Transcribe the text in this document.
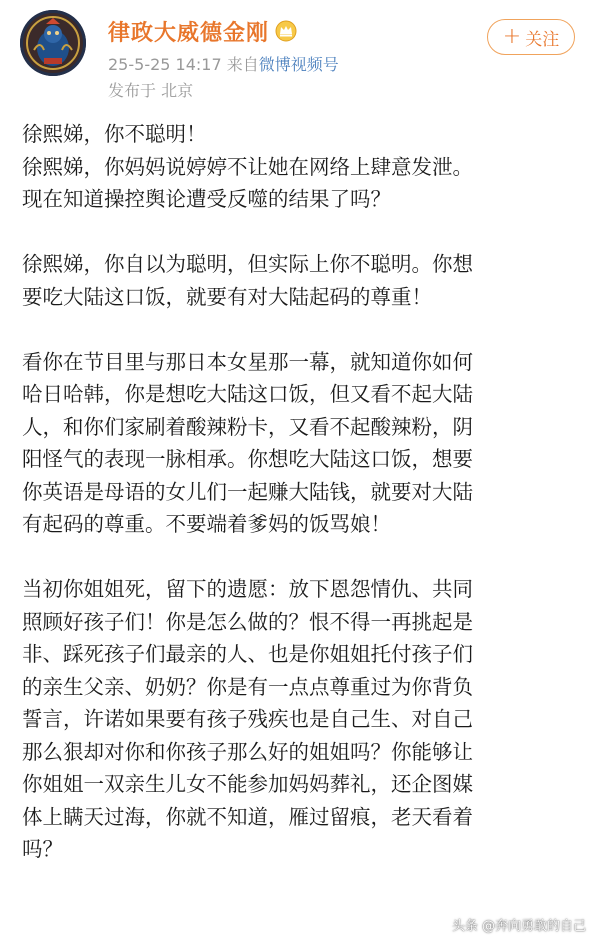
律政大威德金刚
25-5-25 14:17 来自微博视频号
发布于 北京
+ 关注

徐熙娣，你不聪明！

徐熙娣，你妈妈说婷婷不让她在网络上肆意发泄。

现在知道操控舆论遭受反噬的结果了吗？

徐熙娣，你自以为聪明，但实际上你不聪明。你想

要吃大陆这口饭，就要有对大陆起码的尊重！

看你在节目里与那日本女星那一幕，就知道你如何

哈日哈韩，你是想吃大陆这口饭，但又看不起大陆

人，和你们家刷着酸辣粉卡，又看不起酸辣粉，阴

阳怪气的表现一脉相承。你想吃大陆这口饭，想要

你英语是母语的女儿们一起赚大陆钱，就要对大陆

有起码的尊重。不要端着爹妈的饭骂娘！

当初你姐姐死，留下的遗愿：放下恩怨情仇、共同

照顾好孩子们！你是怎么做的？恨不得一再挑起是

非、踩死孩子们最亲的人、也是你姐姐托付孩子们

的亲生父亲、奶奶？你是有一点点尊重过为你背负

誓言，许诺如果要有孩子残疾也是自己生、对自己

那么狠却对你和你孩子那么好的姐姐吗？你能够让

你姐姐一双亲生儿女不能参加妈妈葬礼，还企图媒

体上瞒天过海，你就不知道，雁过留痕，老天看着

吗？

头条 @奔向勇敢的自己
